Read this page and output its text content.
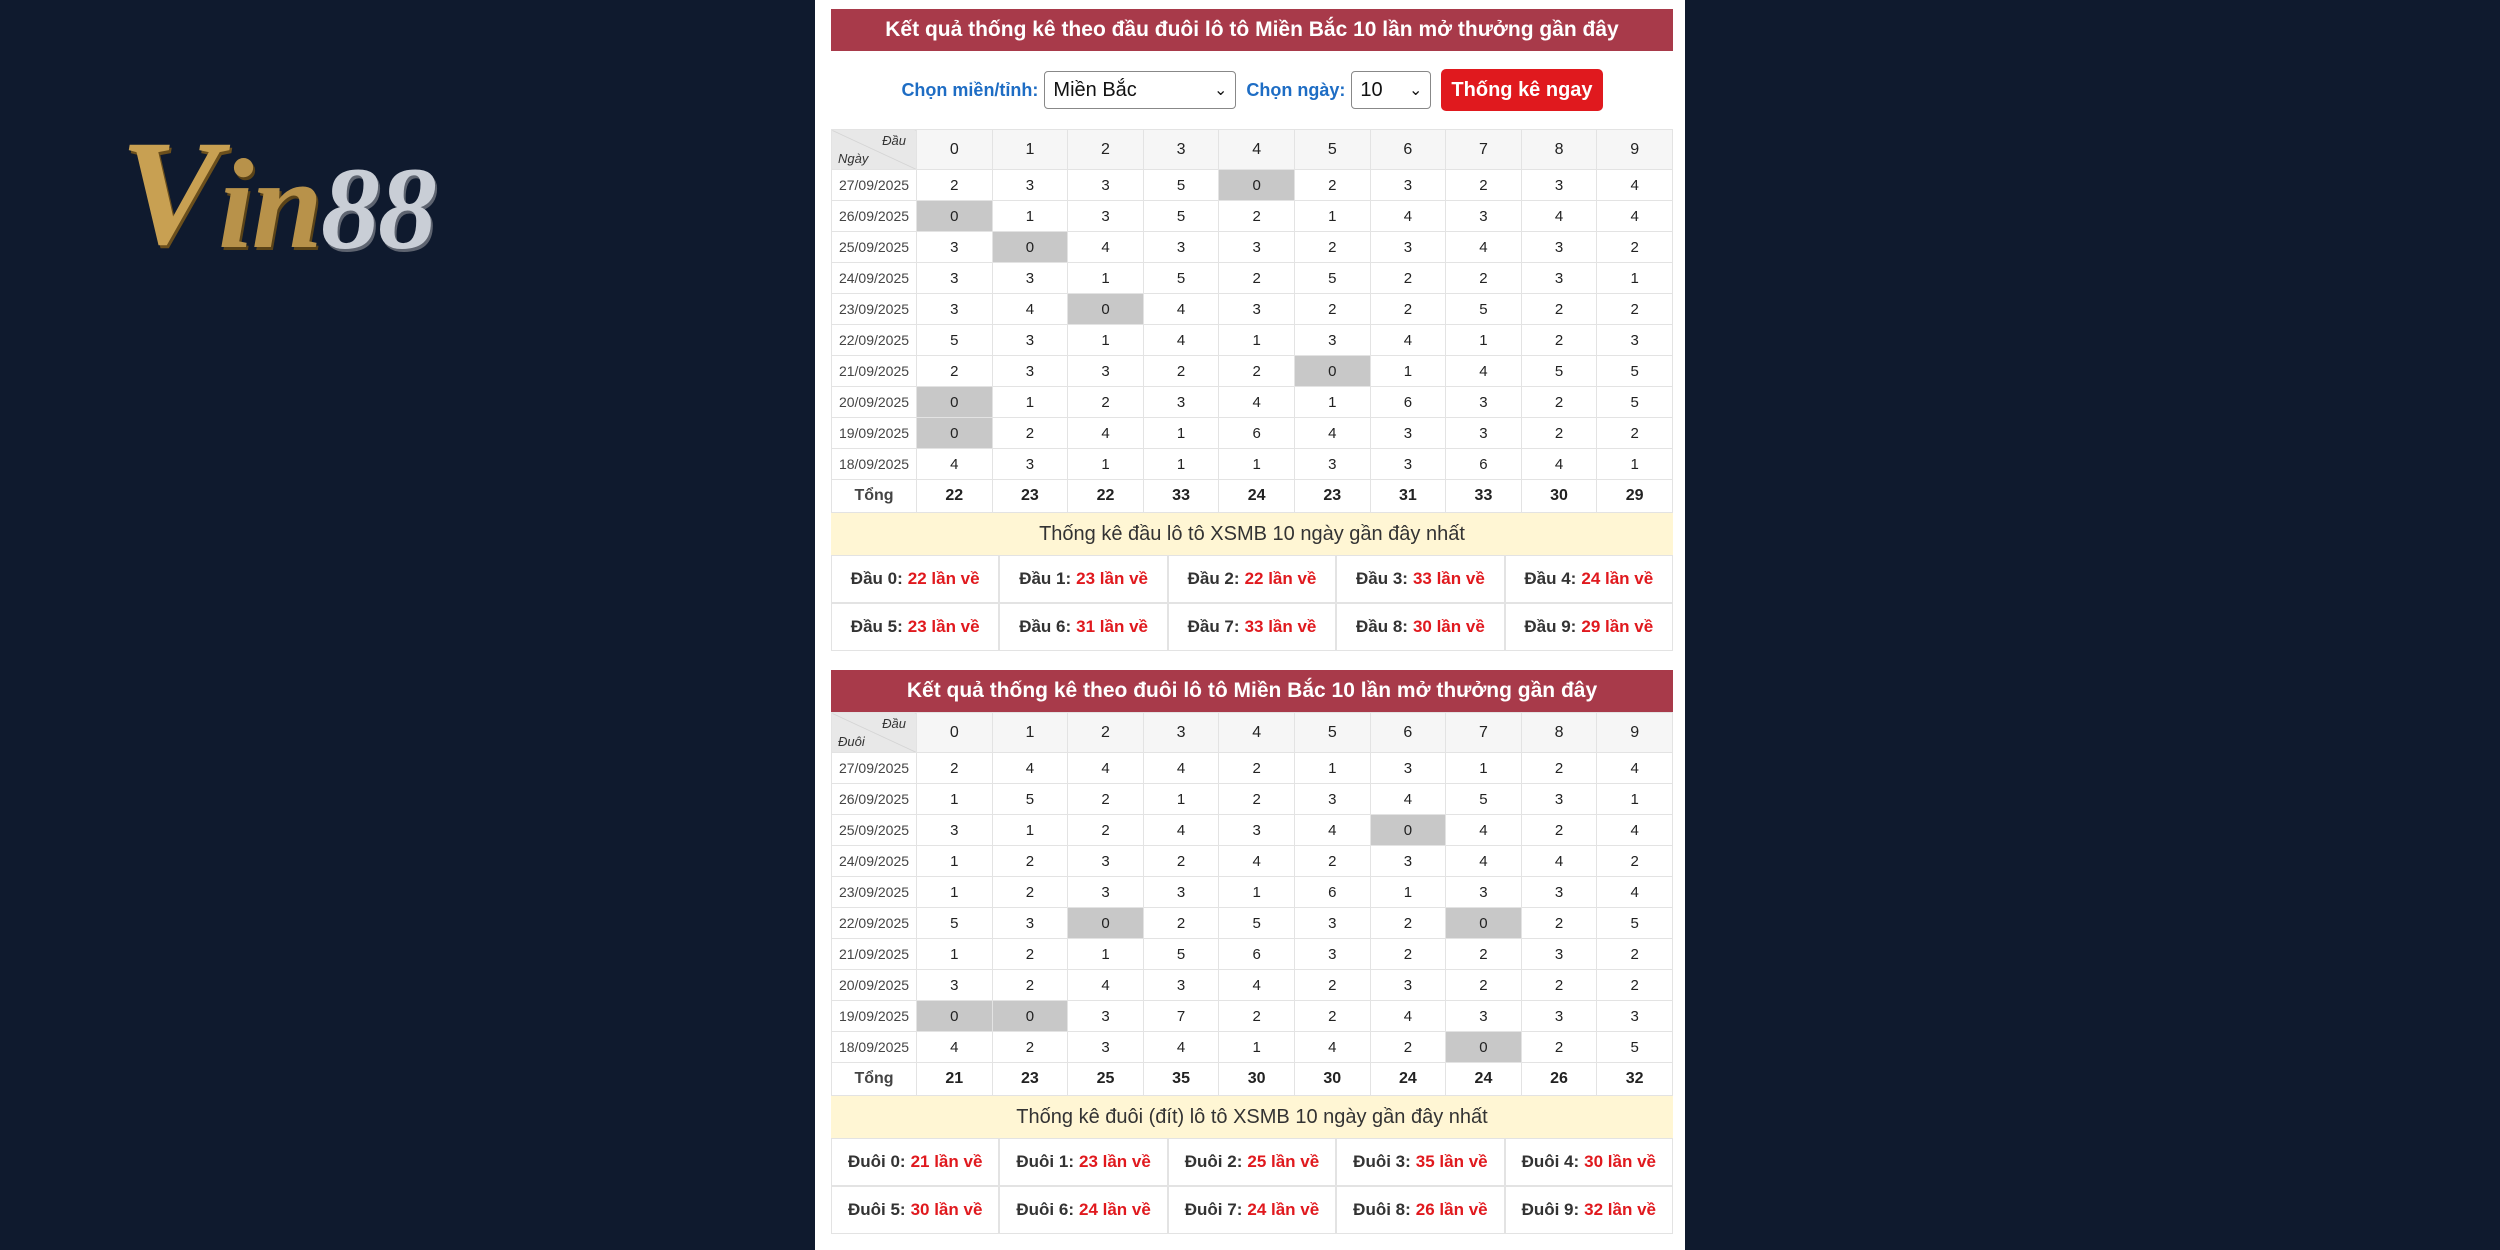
V in 88
Kết quả thống kê theo đầu đuôi lô tô Miền Bắc 10 lần mở thưởng gần đây
Chọn miền/tỉnh: Miền Bắc	⌄ Chọn ngày: 10 ⌄	Thống kê ngay
Đầu
Ngày	0	1	2	3	4	5	6	7	8	9
27/09/2025	2	3	3	5	0	2	3	2	3	4
26/09/2025	0	1	3	5	2	1	4	3	4	4
25/09/2025	3	0	4	3	3	2	3	4	3	2
24/09/2025	3	3	1	5	2	5	2	2	3	1
23/09/2025	3	4	0	4	3	2	2	5	2	2
22/09/2025	5	3	1	4	1	3	4	1	2	3
21/09/2025	2	3	3	2	2	0	1	4	5	5
20/09/2025	0	1	2	3	4	1	6	3	2	5
19/09/2025	0	2	4	1	6	4	3	3	2	2
18/09/2025	4	3	1	1	1	3	3	6	4	1
Tổng	22	23	22	33	24	23	31	33	30	29
Thống kê đầu lô tô XSMB 10 ngày gần đây nhất
Đầu 0: 22 lần về Đầu 1: 23 lần về Đầu 2: 22 lần về Đầu 3: 33 lần về Đầu 4: 24 lần về
Đầu 5: 23 lần về Đầu 6: 31 lần về Đầu 7: 33 lần về Đầu 8: 30 lần về Đầu 9: 29 lần về
Kết quả thống kê theo đuôi lô tô Miền Bắc 10 lần mở thưởng gần đây
Đầu
Đuôi	0	1	2	3	4	5	6	7	8	9
27/09/2025	2	4	4	4	2	1	3	1	2	4
26/09/2025	1	5	2	1	2	3	4	5	3	1
25/09/2025	3	1	2	4	3	4	0	4	2	4
24/09/2025	1	2	3	2	4	2	3	4	4	2
23/09/2025	1	2	3	3	1	6	1	3	3	4
22/09/2025	5	3	0	2	5	3	2	0	2	5
21/09/2025	1	2	1	5	6	3	2	2	3	2
20/09/2025	3	2	4	3	4	2	3	2	2	2
19/09/2025	0	0	3	7	2	2	4	3	3	3
18/09/2025	4	2	3	4	1	4	2	0	2	5
Tổng	21	23	25	35	30	30	24	24	26	32
Thống kê đuôi (đít) lô tô XSMB 10 ngày gần đây nhất
Đuôi 0: 21 lần về Đuôi 1: 23 lần về Đuôi 2: 25 lần về Đuôi 3: 35 lần về Đuôi 4: 30 lần về
Đuôi 5: 30 lần về Đuôi 6: 24 lần về Đuôi 7: 24 lần về Đuôi 8: 26 lần về Đuôi 9: 32 lần về
